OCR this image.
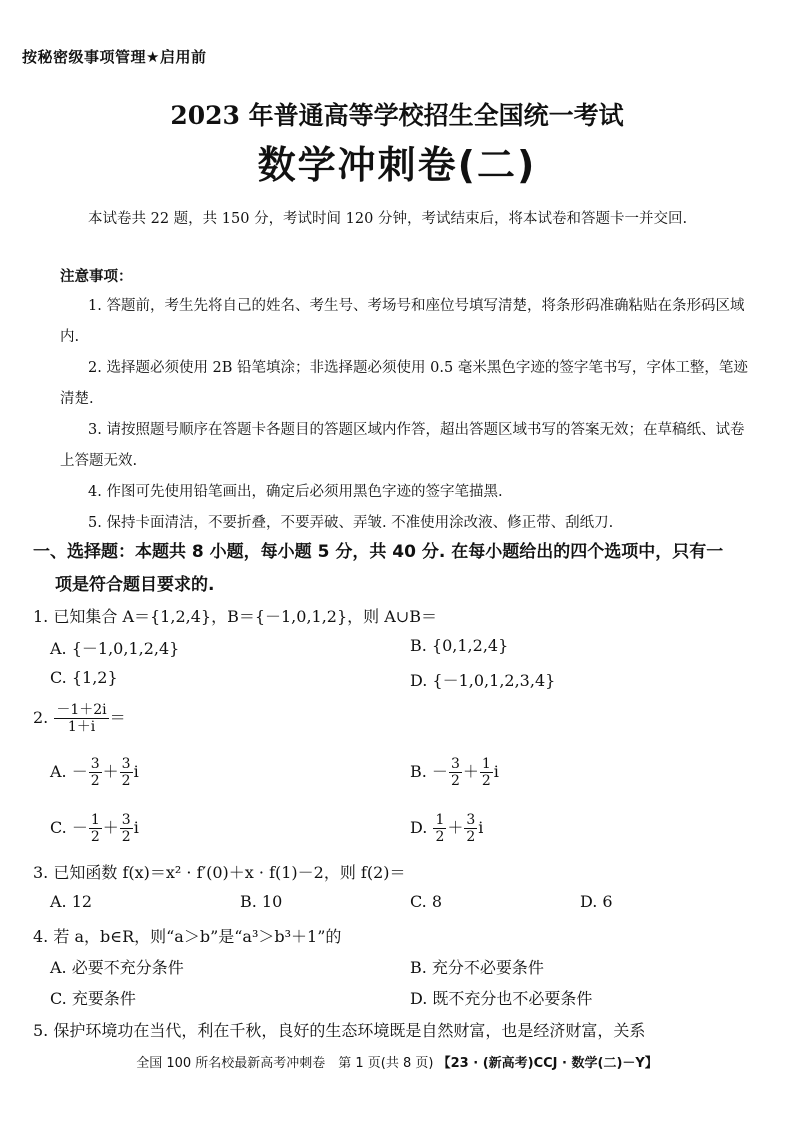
按秘密级事项管理★启用前
2023 年普通高等学校招生全国统一考试
数学冲刺卷(二)
本试卷共 22 题，共 150 分，考试时间 120 分钟，考试结束后，将本试卷和答题卡一并交回.
注意事项：
1. 答题前，考生先将自己的姓名、考生号、考场号和座位号填写清楚，将条形码准确粘贴在条形码区域内.
2. 选择题必须使用 2B 铅笔填涂；非选择题必须使用 0.5 毫米黑色字迹的签字笔书写，字体工整，笔迹清楚.
3. 请按照题号顺序在答题卡各题目的答题区域内作答，超出答题区域书写的答案无效；在草稿纸、试卷上答题无效.
4. 作图可先使用铅笔画出，确定后必须用黑色字迹的签字笔描黑.
5. 保持卡面清洁，不要折叠，不要弄破、弄皱. 不准使用涂改液、修正带、刮纸刀.
一、选择题：本题共 8 小题，每小题 5 分，共 40 分. 在每小题给出的四个选项中，只有一
项是符合题目要求的.
1. 已知集合 A＝{1,2,4}，B＝{－1,0,1,2}，则 A∪B＝
A. {－1,0,1,2,4}	B. {0,1,2,4}
C. {1,2}	D. {－1,0,1,2,3,4}
2. $\frac{-1+2i}{1+i}$ ＝
A. － $\frac{3}{2} + \frac{3}{2}$ i	B. － $\frac{3}{2} + \frac{1}{2}$ i
C. － $\frac{1}{2} + \frac{3}{2}$ i	D. $\frac{1}{2} + \frac{3}{2}$ i
3. 已知函数 f(x)＝x² · f′(0)＋x · f(1)－2，则 f(2)＝
A. 12	B. 10	C. 8	D. 6
4. 若 a，b∈R，则“a＞b”是“a³＞b³＋1”的
A. 必要不充分条件	B. 充分不必要条件
C. 充要条件	D. 既不充分也不必要条件
5. 保护环境功在当代，利在千秋，良好的生态环境既是自然财富，也是经济财富，关系
全国 100 所名校最新高考冲刺卷　第 1 页(共 8 页) 【23 · (新高考)CCJ · 数学(二)－Y】
